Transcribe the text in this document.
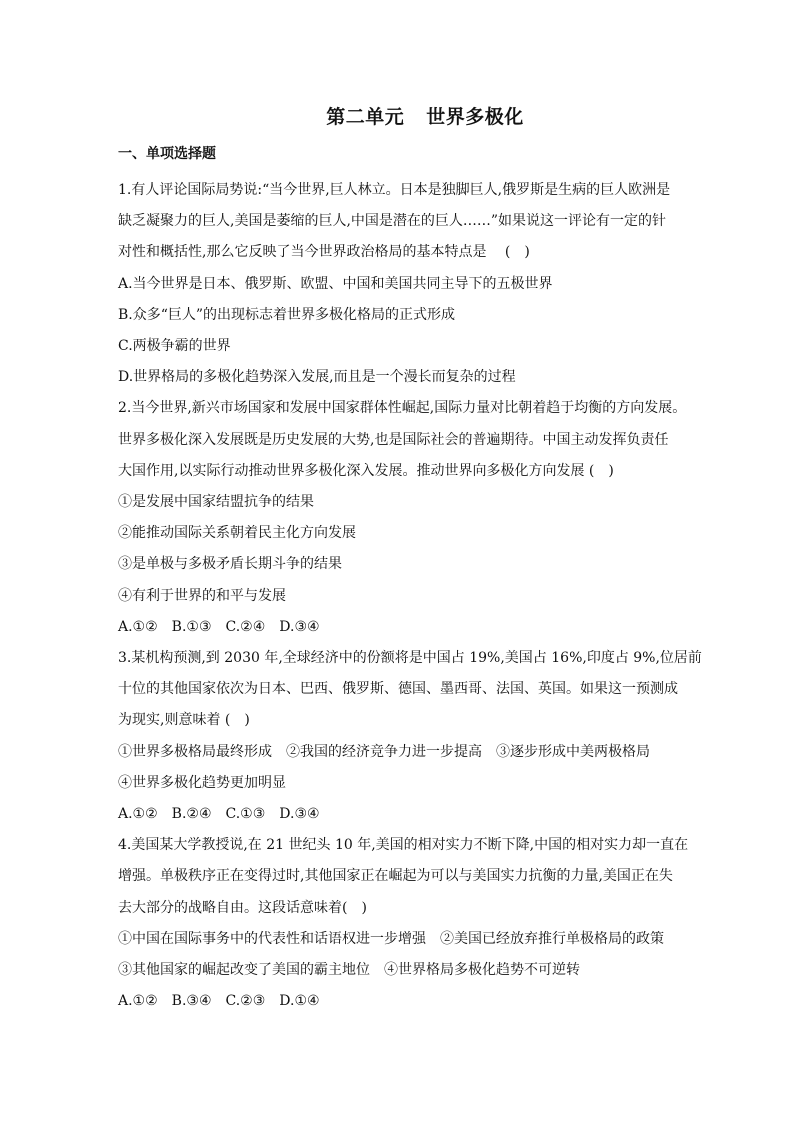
第二单元 世界多极化
一、单项选择题
1.有人评论国际局势说:“当今世界,巨人林立。日本是独脚巨人,俄罗斯是生病的巨人欧洲是
缺乏凝聚力的巨人,美国是萎缩的巨人,中国是潜在的巨人……”如果说这一评论有一定的针
对性和概括性,那么它反映了当今世界政治格局的基本特点是　 (　)
A.当今世界是日本、俄罗斯、欧盟、中国和美国共同主导下的五极世界
B.众多“巨人”的出现标志着世界多极化格局的正式形成
C.两极争霸的世界
D.世界格局的多极化趋势深入发展,而且是一个漫长而复杂的过程
2.当今世界,新兴市场国家和发展中国家群体性崛起,国际力量对比朝着趋于均衡的方向发展。
世界多极化深入发展既是历史发展的大势,也是国际社会的普遍期待。中国主动发挥负责任
大国作用,以实际行动推动世界多极化深入发展。推动世界向多极化方向发展 (　)
①是发展中国家结盟抗争的结果
②能推动国际关系朝着民主化方向发展
③是单极与多极矛盾长期斗争的结果
④有利于世界的和平与发展
A.①②　B.①③　C.②④　D.③④
3.某机构预测,到 2030 年,全球经济中的份额将是中国占 19%,美国占 16%,印度占 9%,位居前
十位的其他国家依次为日本、巴西、俄罗斯、德国、墨西哥、法国、英国。如果这一预测成
为现实,则意味着 (　)
①世界多极格局最终形成　②我国的经济竞争力进一步提高　③逐步形成中美两极格局
④世界多极化趋势更加明显
A.①②　B.②④　C.①③　D.③④
4.美国某大学教授说,在 21 世纪头 10 年,美国的相对实力不断下降,中国的相对实力却一直在
增强。单极秩序正在变得过时,其他国家正在崛起为可以与美国实力抗衡的力量,美国正在失
去大部分的战略自由。这段话意味着(　)
①中国在国际事务中的代表性和话语权进一步增强　②美国已经放弃推行单极格局的政策
③其他国家的崛起改变了美国的霸主地位　④世界格局多极化趋势不可逆转
A.①②　B.③④　C.②③　D.①④
